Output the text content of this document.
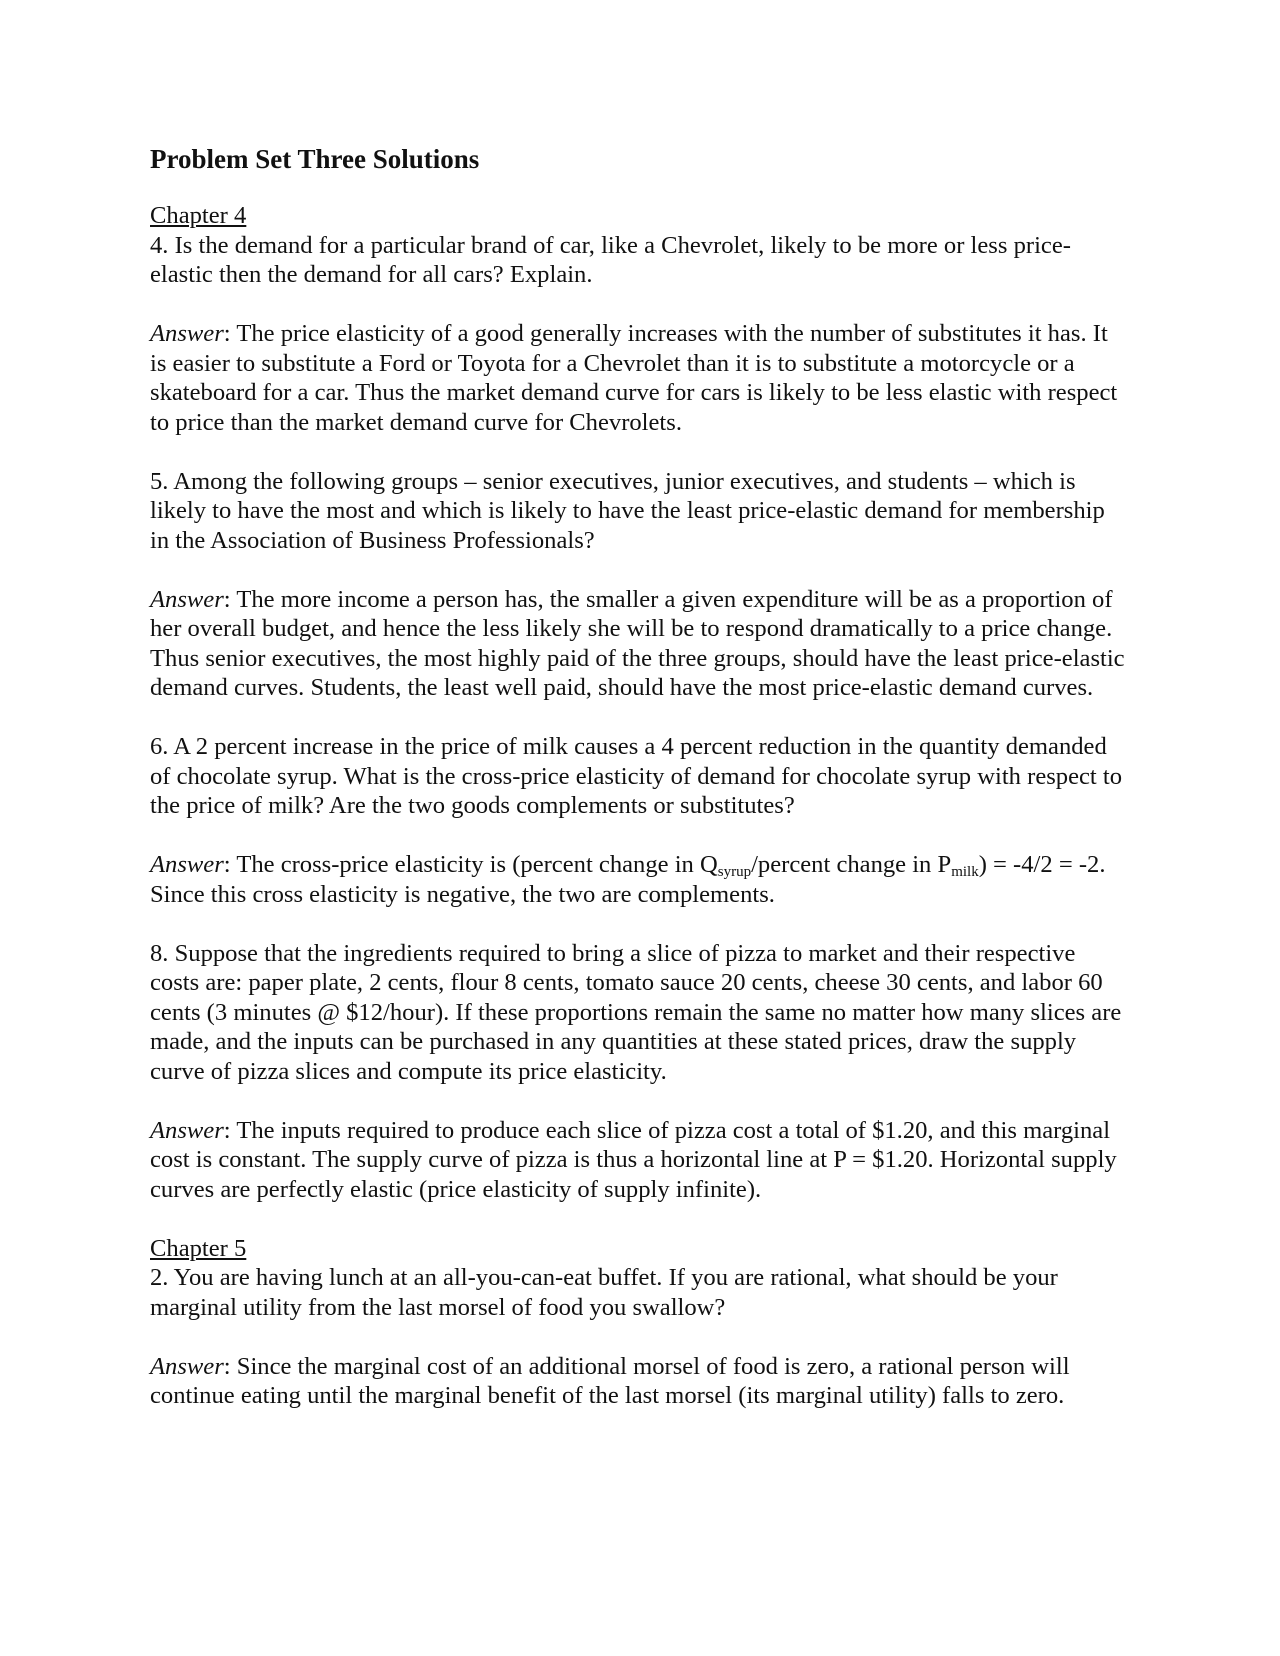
Problem Set Three Solutions
Chapter 4

4. Is the demand for a particular brand of car, like a Chevrolet, likely to be more or less price-elastic then the demand for all cars? Explain.

Answer: The price elasticity of a good generally increases with the number of substitutes it has. It is easier to substitute a Ford or Toyota for a Chevrolet than it is to substitute a motorcycle or a skateboard for a car. Thus the market demand curve for cars is likely to be less elastic with respect to price than the market demand curve for Chevrolets.

5. Among the following groups – senior executives, junior executives, and students – which is likely to have the most and which is likely to have the least price-elastic demand for membership in the Association of Business Professionals?

Answer: The more income a person has, the smaller a given expenditure will be as a proportion of her overall budget, and hence the less likely she will be to respond dramatically to a price change. Thus senior executives, the most highly paid of the three groups, should have the least price-elastic demand curves. Students, the least well paid, should have the most price-elastic demand curves.

6. A 2 percent increase in the price of milk causes a 4 percent reduction in the quantity demanded of chocolate syrup. What is the cross-price elasticity of demand for chocolate syrup with respect to the price of milk? Are the two goods complements or substitutes?

Answer: The cross-price elasticity is (percent change in $Q_{syrup}$/percent change in $P_{milk}) = -4/2 = -2$. Since this cross elasticity is negative, the two are complements.

8. Suppose that the ingredients required to bring a slice of pizza to market and their respective costs are: paper plate, 2 cents, flour 8 cents, tomato sauce 20 cents, cheese 30 cents, and labor 60 cents (3 minutes @ $12/hour). If these proportions remain the same no matter how many slices are made, and the inputs can be purchased in any quantities at these stated prices, draw the supply curve of pizza slices and compute its price elasticity.

Answer: The inputs required to produce each slice of pizza cost a total of $1.20, and this marginal cost is constant. The supply curve of pizza is thus a horizontal line at P = $1.20. Horizontal supply curves are perfectly elastic (price elasticity of supply infinite).

Chapter 5

2. You are having lunch at an all-you-can-eat buffet. If you are rational, what should be your marginal utility from the last morsel of food you swallow?

Answer: Since the marginal cost of an additional morsel of food is zero, a rational person will continue eating until the marginal benefit of the last morsel (its marginal utility) falls to zero.
